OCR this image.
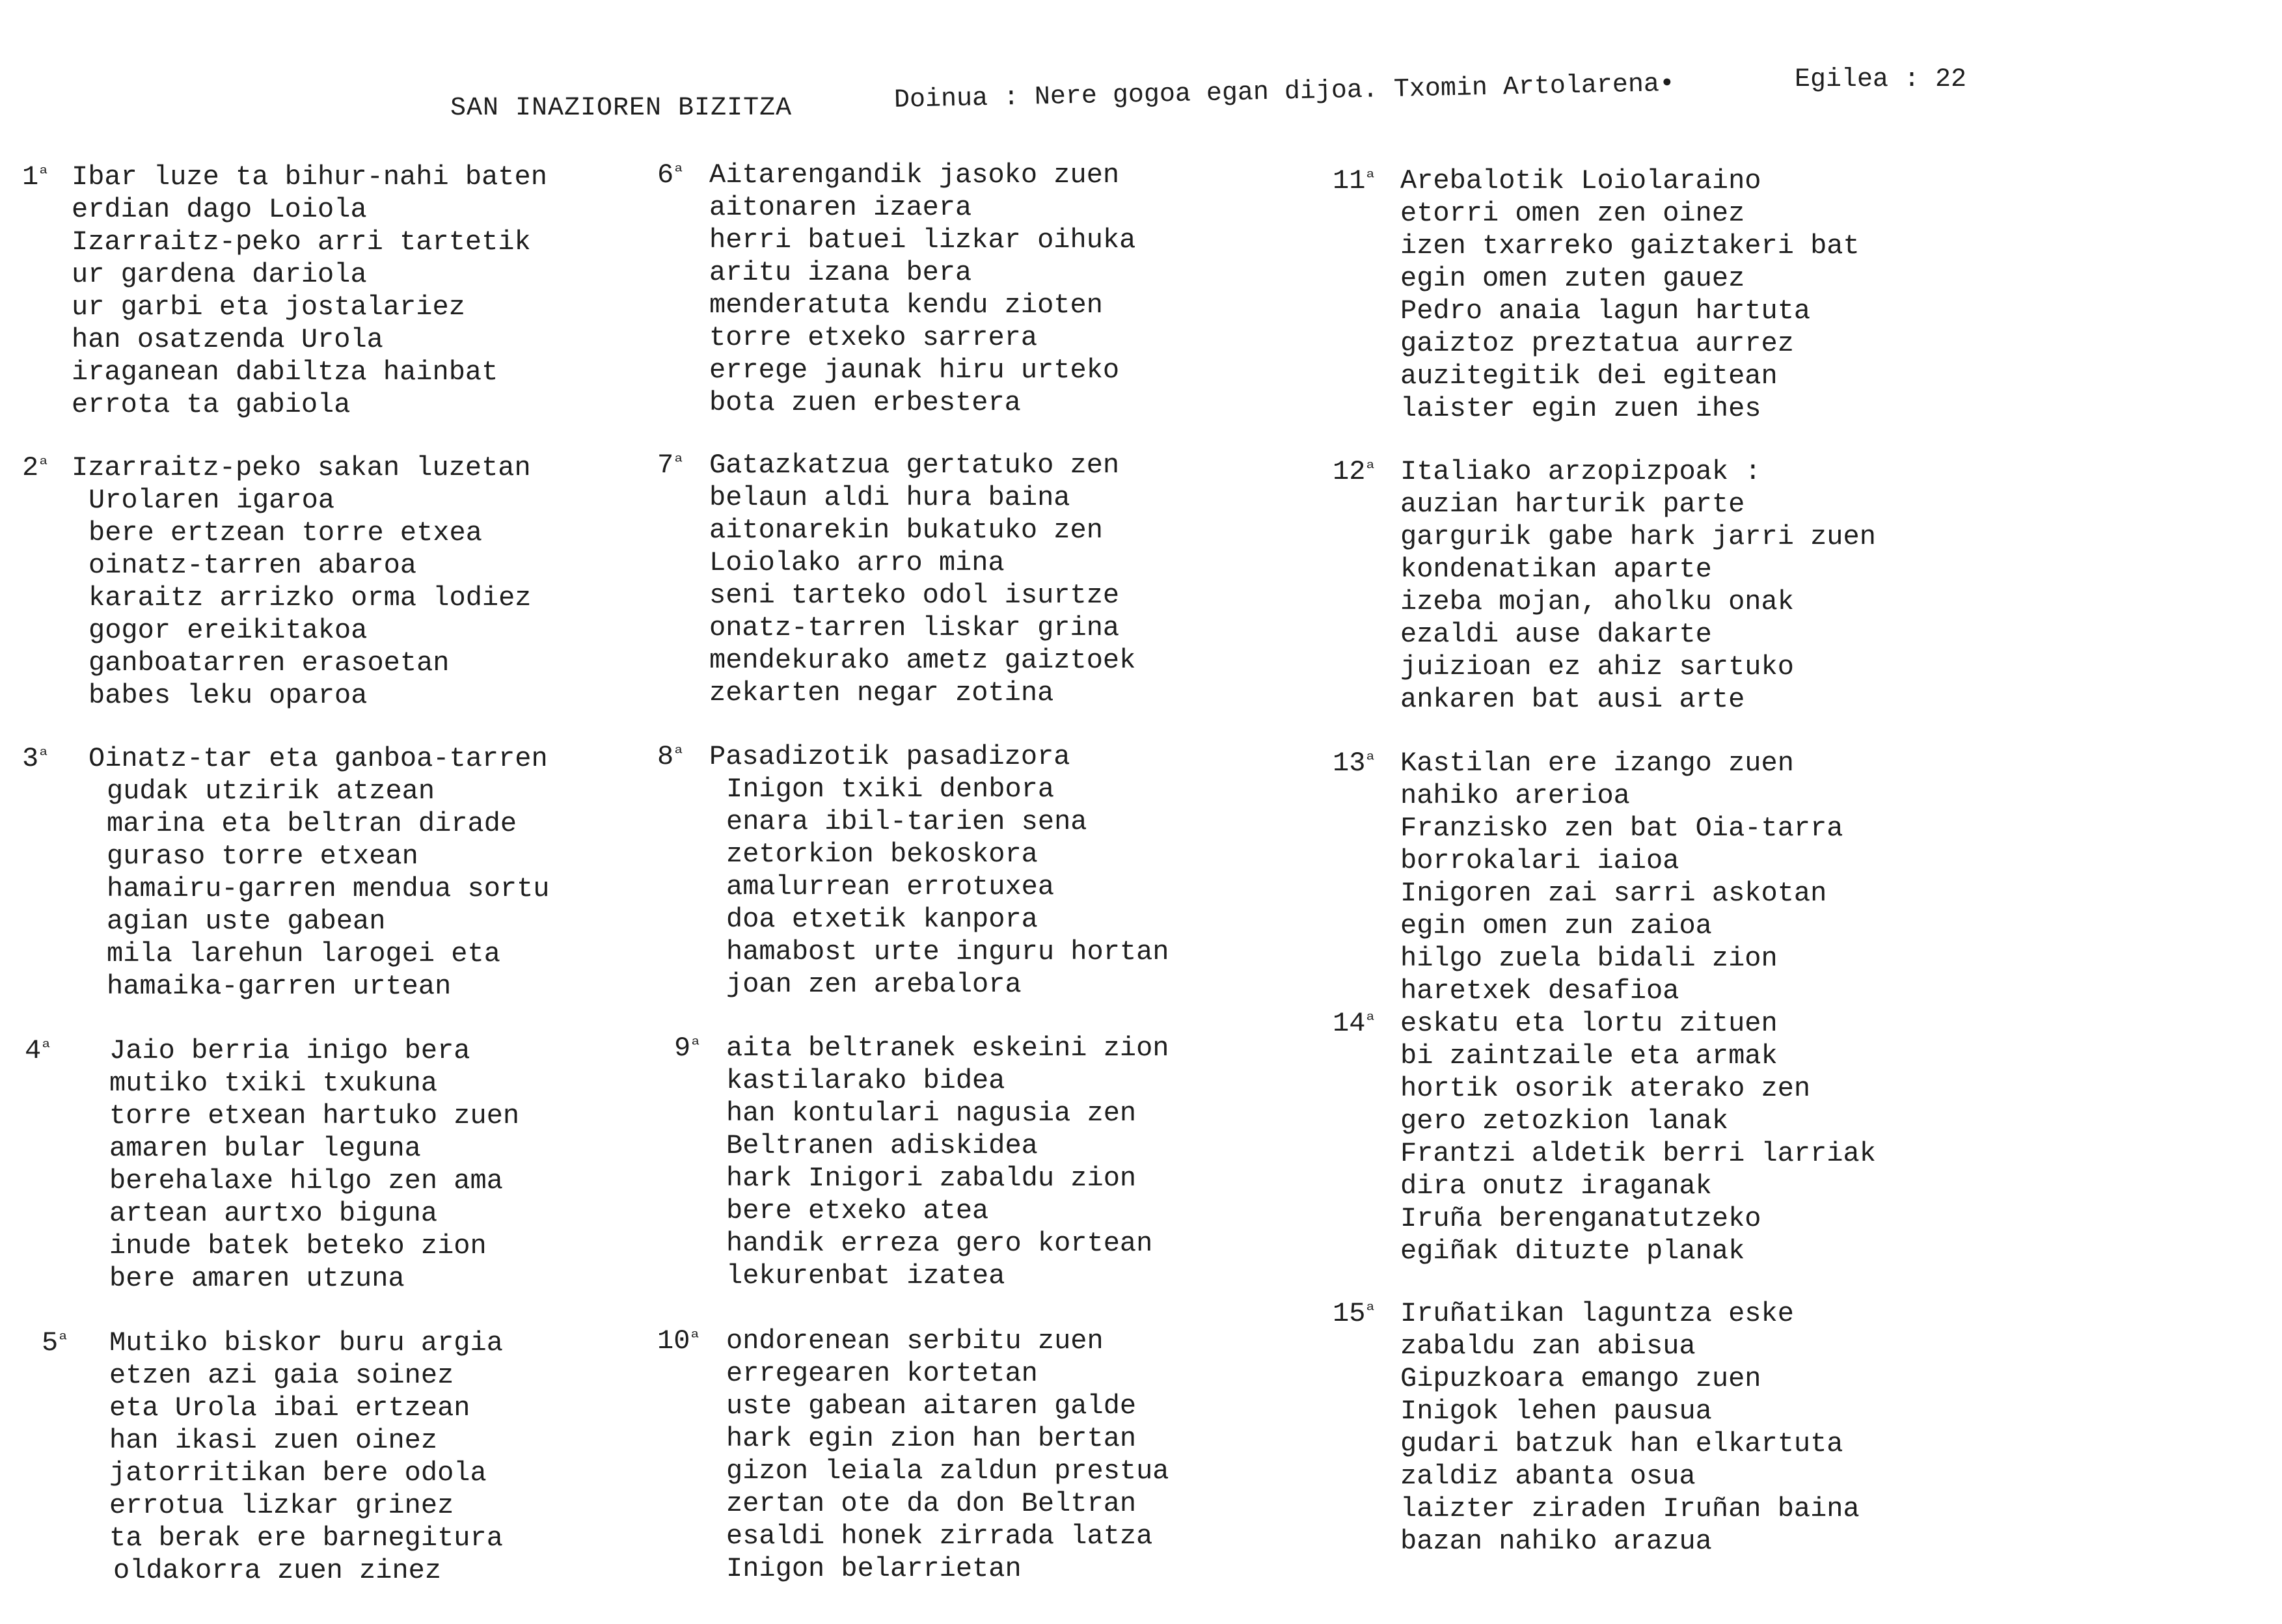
SAN INAZIOREN BIZITZA	Doinua : Nere gogoa egan dijoa. Txomin Artolarena•	Egilea : 22
$1^ª$ Ibar luze ta bihur-nahi baten
erdian dago Loiola
Izarraitz-peko arri tartetik
ur gardena dariola
ur garbi eta jostalariez
han osatzenda Urola
iraganean dabiltza hainbat
errota ta gabiola
$2^ª$ Izarraitz-peko sakan luzetan
Urolaren igaroa
bere ertzean torre etxea
oinatz-tarren abaroa
karaitz arrizko orma lodiez
gogor ereikitakoa
ganboatarren erasoetan
babes leku oparoa
$3^ª$ Oinatz-tar eta ganboa-tarren
gudak utzirik atzean
marina eta beltran dirade
guraso torre etxean
hamairu-garren mendua sortu
agian uste gabean
mila larehun larogei eta
hamaika-garren urtean
$4^ª$ Jaio berria inigo bera
mutiko txiki txukuna
torre etxean hartuko zuen
amaren bular leguna
berehalaxe hilgo zen ama
artean aurtxo biguna
inude batek beteko zion
bere amaren utzuna
$5^ª$ Mutiko biskor buru argia
etzen azi gaia soinez
eta Urola ibai ertzean
han ikasi zuen oinez
jatorritikan bere odola
errotua lizkar grinez
ta berak ere barnegitura
oldakorra zuen zinez
$6^ª$ Aitarengandik jasoko zuen
aitonaren izaera
herri batuei lizkar oihuka
aritu izana bera
menderatuta kendu zioten
torre etxeko sarrera
errege jaunak hiru urteko
bota zuen erbestera
$7^ª$ Gatazkatzua gertatuko zen
belaun aldi hura baina
aitonarekin bukatuko zen
Loiolako arro mina
seni tarteko odol isurtze
onatz-tarren liskar grina
mendekurako ametz gaiztoek
zekarten negar zotina
$8^ª$ Pasadizotik pasadizora
Inigon txiki denbora
enara ibil-tarien sena
zetorkion bekoskora
amalurrean errotuxea
doa etxetik kanpora
hamabost urte inguru hortan
joan zen arebalora
$9^ª$ aita beltranek eskeini zion
kastilarako bidea
han kontulari nagusia zen
Beltranen adiskidea
hark Inigori zabaldu zion
bere etxeko atea
handik erreza gero kortean
lekurenbat izatea
$10^ª$ ondorenean serbitu zuen
erregearen kortetan
uste gabean aitaren galde
hark egin zion han bertan
gizon leiala zaldun prestua
zertan ote da don Beltran
esaldi honek zirrada latza
Inigon belarrietan
$11^ª$ Arebalotik Loiolaraino
etorri omen zen oinez
izen txarreko gaiztakeri bat
egin omen zuten gauez
Pedro anaia lagun hartuta
gaiztoz preztatua aurrez
auzitegitik dei egitean
laister egin zuen ihes
$12^ª$ Italiako arzopizpoak :
auzian harturik parte
gargurik gabe hark jarri zuen
kondenatikan aparte
izeba mojan, aholku onak
ezaldi ause dakarte
juizioan ez ahiz sartuko
ankaren bat ausi arte
$13^ª$ Kastilan ere izango zuen
nahiko arerioa
Franzisko zen bat Oia-tarra
borrokalari iaioa
Inigoren zai sarri askotan
egin omen zun zaioa
hilgo zuela bidali zion
haretxek desafioa
$14^ª$ eskatu eta lortu zituen
bi zaintzaile eta armak
hortik osorik aterako zen
gero zetozkion lanak
Frantzi aldetik berri larriak
dira onutz iraganak
Iruña berenganatutzeko
egiñak dituzte planak
$15^ª$ Iruñatikan laguntza eske
zabaldu zan abisua
Gipuzkoara emango zuen
Inigok lehen pausua
gudari batzuk han elkartuta
zaldiz abanta osua
laizter ziraden Iruñan baina
bazan nahiko arazua
